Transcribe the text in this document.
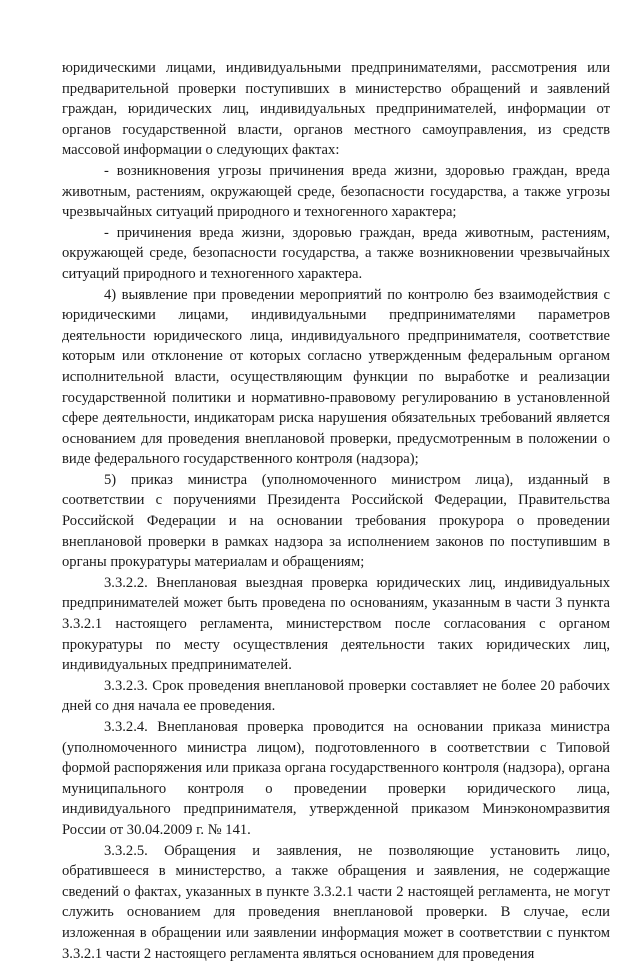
юридическими лицами, индивидуальными предпринимателями, рассмотрения или предварительной проверки поступивших в министерство обращений и заявлений граждан, юридических лиц, индивидуальных предпринимателей, информации от органов государственной власти, органов местного самоуправления, из средств массовой информации о следующих фактах:

- возникновения угрозы причинения вреда жизни, здоровью граждан, вреда животным, растениям, окружающей среде, безопасности государства, а также угрозы чрезвычайных ситуаций природного и техногенного характера;

- причинения вреда жизни, здоровью граждан, вреда животным, растениям, окружающей среде, безопасности государства, а также возникновении чрезвычайных ситуаций природного и техногенного характера.

4) выявление при проведении мероприятий по контролю без взаимодействия с юридическими лицами, индивидуальными предпринимателями параметров деятельности юридического лица, индивидуального предпринимателя, соответствие которым или отклонение от которых согласно утвержденным федеральным органом исполнительной власти, осуществляющим функции по выработке и реализации государственной политики и нормативно-правовому регулированию в установленной сфере деятельности, индикаторам риска нарушения обязательных требований является основанием для проведения внеплановой проверки, предусмотренным в положении о виде федерального государственного контроля (надзора);

5) приказ министра (уполномоченного министром лица), изданный в соответствии с поручениями Президента Российской Федерации, Правительства Российской Федерации и на основании требования прокурора о проведении внеплановой проверки в рамках надзора за исполнением законов по поступившим в органы прокуратуры материалам и обращениям;

3.3.2.2. Внеплановая выездная проверка юридических лиц, индивидуальных предпринимателей может быть проведена по основаниям, указанным в части 3 пункта 3.3.2.1 настоящего регламента, министерством после согласования с органом прокуратуры по месту осуществления деятельности таких юридических лиц, индивидуальных предпринимателей.

3.3.2.3. Срок проведения внеплановой проверки составляет не более 20 рабочих дней со дня начала ее проведения.

3.3.2.4. Внеплановая проверка проводится на основании приказа министра (уполномоченного министра лицом), подготовленного в соответствии с Типовой формой распоряжения или приказа органа государственного контроля (надзора), органа муниципального контроля о проведении проверки юридического лица, индивидуального предпринимателя, утвержденной приказом Минэкономразвития России от 30.04.2009 г. № 141.

3.3.2.5. Обращения и заявления, не позволяющие установить лицо, обратившееся в министерство, а также обращения и заявления, не содержащие сведений о фактах, указанных в пункте 3.3.2.1 части 2 настоящей регламента, не могут служить основанием для проведения внеплановой проверки. В случае, если изложенная в обращении или заявлении информация может в соответствии с пунктом 3.3.2.1 части 2 настоящего регламента являться основанием для проведения
